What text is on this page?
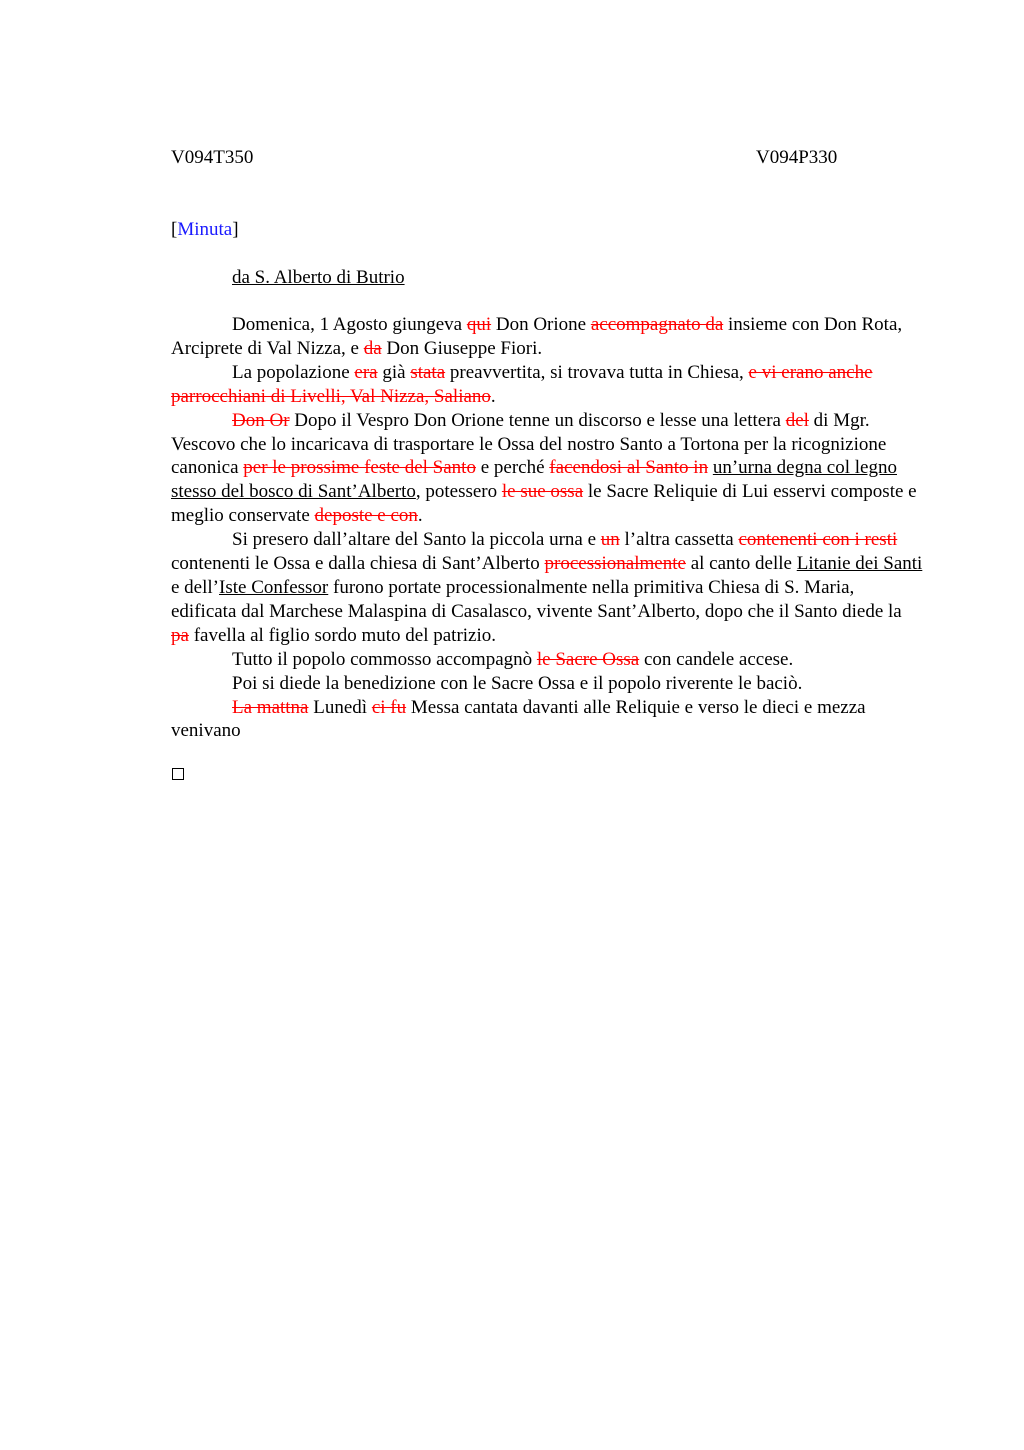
V094T350	V094P330
[Minuta]
da S. Alberto di Butrio

Domenica, 1 Agosto giungeva qui Don Orione accompagnato da insieme con Don Rota, Arciprete di Val Nizza, e da Don Giuseppe Fiori.

La popolazione era già stata preavvertita, si trovava tutta in Chiesa, e vi erano anche parrocchiani di Livelli, Val Nizza, Saliano.

Don Or Dopo il Vespro Don Orione tenne un discorso e lesse una lettera del di Mgr. Vescovo che lo incaricava di trasportare le Ossa del nostro Santo a Tortona per la ricognizione canonica per le prossime feste del Santo e perché facendosi al Santo in un’urna degna col legno stesso del bosco di Sant’Alberto, potessero le sue ossa le Sacre Reliquie di Lui esservi composte e meglio conservate deposte e con.

Si presero dall’altare del Santo la piccola urna e un l’altra cassetta contenenti con i resti contenenti le Ossa e dalla chiesa di Sant’Alberto processionalmente al canto delle Litanie dei Santi e dell’Iste Confessor furono portate processionalmente nella primitiva Chiesa di S. Maria, edificata dal Marchese Malaspina di Casalasco, vivente Sant’Alberto, dopo che il Santo diede la pa favella al figlio sordo muto del patrizio.

Tutto il popolo commosso accompagnò le Sacre Ossa con candele accese.

Poi si diede la benedizione con le Sacre Ossa e il popolo riverente le baciò.

La mattna Lunedì ci fu Messa cantata davanti alle Reliquie e verso le dieci e mezza venivano
